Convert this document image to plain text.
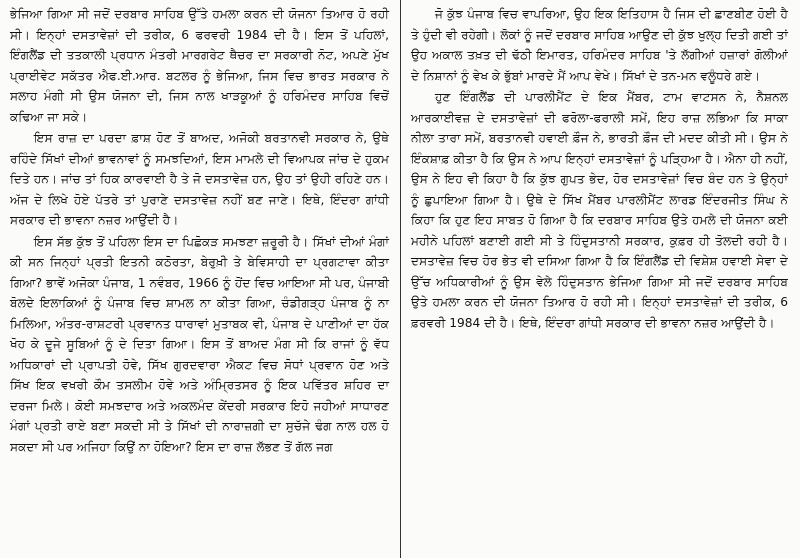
ਭੇਜਿਆ ਗਿਆ ਸੀ ਜਦੋਂ ਦਰਬਾਰ ਸਾਹਿਬ ਉੱਤੇ ਹਮਲਾ ਕਰਨ ਦੀ ਯੋਜਨਾ ਤਿਆਰ ਹੋ ਰਹੀ ਸੀ। ਇਨ੍ਹਾਂ ਦਸਤਾਵੇਜ਼ਾਂ ਦੀ ਤਰੀਕ, 6 ਫਰਵਰੀ 1984 ਦੀ ਹੈ। ਇਸ ਤੋਂ ਪਹਿਲਾਂ, ਇੰਗਲੈਂਡ ਦੀ ਤਤਕਾਲੀ ਪ੍ਰਧਾਨ ਮੰਤਰੀ ਮਾਰਗਰੇਟ ਥੈਚਰ ਦਾ ਸਰਕਾਰੀ ਨੋਟ, ਅਪਣੇ ਮੁੱਖ ਪ੍ਰਾਈਵੇਟ ਸਕੱਤਰ ਐਫ.ਈ.ਆਰ. ਬਟਲਰ ਨੂੰ ਭੇਜਿਆ, ਜਿਸ ਵਿਚ ਭਾਰਤ ਸਰਕਾਰ ਨੇ ਸਲਾਹ ਮੰਗੀ ਸੀ ਉਸ ਯੋਜਨਾ ਦੀ, ਜਿਸ ਨਾਲ ਖਾੜਕੂਆਂ ਨੂੰ ਹਰਿਮੰਦਰ ਸਾਹਿਬ ਵਿਚੋਂ ਕਢਿਆ ਜਾ ਸਕੇ।

ਇਸ ਰਾਜ਼ ਦਾ ਪਰਦਾ ਫ਼ਾਸ਼ ਹੋਣ ਤੋਂ ਬਾਅਦ, ਅਜੋਕੀ ਬਰਤਾਨਵੀ ਸਰਕਾਰ ਨੇ, ਉਥੇ ਰਹਿੰਦੇ ਸਿੱਖਾਂ ਦੀਆਂ ਭਾਵਨਾਵਾਂ ਨੂੰ ਸਮਝਦਿਆਂ, ਇਸ ਮਾਮਲੇ ਦੀ ਵਿਆਪਕ ਜਾਂਚ ਦੇ ਹੁਕਮ ਦਿਤੇ ਹਨ। ਜਾਂਚ ਤਾਂ ਹਿਕ ਕਾਰਵਾਈ ਹੈ ਤੇ ਜੋ ਦਸਤਾਵੇਜ਼ ਹਨ, ਉਹ ਤਾਂ ਉਹੀ ਰਹਿਣੇ ਹਨ। ਅੱਜ ਦੇ ਲਿਖੇ ਹੋਏ ਪੱਤਰੇ ਤਾਂ ਪੁਰਾਣੇ ਦਸਤਾਵੇਜ਼ ਨਹੀਂ ਬਣ ਜਾਣੇ। ਇਥੇ, ਇੰਦਰਾ ਗਾਂਧੀ ਸਰਕਾਰ ਦੀ ਭਾਵਨਾ ਨਜ਼ਰ ਆਉਂਦੀ ਹੈ।

ਇਸ ਸੱਭ ਕੁੱਝ ਤੋਂ ਪਹਿਲਾ ਇਸ ਦਾ ਪਿਛੋਕੜ ਸਮਝਣਾ ਜ਼ਰੂਰੀ ਹੈ। ਸਿੱਖਾਂ ਦੀਆਂ ਮੰਗਾਂ ਕੀ ਸਨ ਜਿਨ੍ਹਾਂ ਪ੍ਰਤੀ ਇਤਨੀ ਕਠੋਰਤਾ, ਬੇਰੁਖ਼ੀ ਤੇ ਬੇਵਿਸਾਹੀ ਦਾ ਪ੍ਰਗਟਾਵਾ ਕੀਤਾ ਗਿਆ? ਭਾਵੇਂ ਅਜੋਕਾ ਪੰਜਾਬ, 1 ਨਵੰਬਰ, 1966 ਨੂੰ ਹੋਂਦ ਵਿਚ ਆਇਆ ਸੀ ਪਰ, ਪੰਜਾਬੀ ਬੋਲਦੇ ਇਲਾਕਿਆਂ ਨੂੰ ਪੰਜਾਬ ਵਿਚ ਸ਼ਾਮਲ ਨਾ ਕੀਤਾ ਗਿਆ, ਚੰਡੀਗੜ੍ਹ ਪੰਜਾਬ ਨੂੰ ਨਾ ਮਿਲਿਆ, ਅੰਤਰ-ਰਾਸ਼ਟਰੀ ਪ੍ਰਵਾਨਤ ਧਾਰਾਵਾਂ ਮੁਤਾਬਕ ਵੀ, ਪੰਜਾਬ ਦੇ ਪਾਣੀਆਂ ਦਾ ਹੱਕ ਖੋਹ ਕੇ ਦੂਜੇ ਸੂਬਿਆਂ ਨੂੰ ਦੇ ਦਿਤਾ ਗਿਆ। ਇਸ ਤੋਂ ਬਾਅਦ ਮੰਗ ਸੀ ਕਿ ਰਾਜਾਂ ਨੂੰ ਵੱਧ ਅਧਿਕਾਰਾਂ ਦੀ ਪ੍ਰਾਪਤੀ ਹੋਵੇ, ਸਿੱਖ ਗੁਰਦਵਾਰਾ ਐਕਟ ਵਿਚ ਸੋਧਾਂ ਪ੍ਰਵਾਨ ਹੋਣ ਅਤੇ ਸਿੱਖ ਇਕ ਵਖਰੀ ਕੌਮ ਤਸਲੀਮ ਹੋਵੇ ਅਤੇ ਅੰਮ੍ਰਿਤਸਰ ਨੂੰ ਇਕ ਪਵਿੱਤਰ ਸ਼ਹਿਰ ਦਾ ਦਰਜਾ ਮਿਲੇ। ਕੋਈ ਸਮਝਦਾਰ ਅਤੇ ਅਕਲਮੰਦ ਕੇਂਦਰੀ ਸਰਕਾਰ ਇਹੋ ਜਹੀਆਂ ਸਾਧਾਰਣ ਮੰਗਾਂ ਪ੍ਰਤੀ ਰਾਏ ਬਣਾ ਸਕਦੀ ਸੀ ਤੇ ਸਿੱਖਾਂ ਦੀ ਨਾਰਾਜ਼ਗੀ ਦਾ ਸੁਚੱਜੇ ਢੰਗ ਨਾਲ ਹਲ ਹੋ ਸਕਦਾ ਸੀ ਪਰ ਅਜਿਹਾ ਕਿਉਂ ਨਾ ਹੋਇਆ? ਇਸ ਦਾ ਰਾਜ਼ ਲੱਭਣ ਤੋਂ ਗੱਲ ਜਗ

ਜੋ ਕੁੱਝ ਪੰਜਾਬ ਵਿਚ ਵਾਪਰਿਆ, ਉਹ ਇਕ ਇਤਿਹਾਸ ਹੈ ਜਿਸ ਦੀ ਛਾਣਬੀਣ ਹੋਈ ਹੈ ਤੇ ਹੁੰਦੀ ਵੀ ਰਹੇਗੀ। ਲੋਕਾਂ ਨੂੰ ਜਦੋਂ ਦਰਬਾਰ ਸਾਹਿਬ ਆਉਣ ਦੀ ਕੁੱਝ ਖੁਲ੍ਹ ਦਿਤੀ ਗਈ ਤਾਂ ਉਹ ਅਕਾਲ ਤਖ਼ਤ ਦੀ ਢੱਠੀ ਇਮਾਰਤ, ਹਰਿਮੰਦਰ ਸਾਹਿਬ 'ਤੇ ਲੱਗੀਆਂ ਹਜ਼ਾਰਾਂ ਗੋਲੀਆਂ ਦੇ ਨਿਸ਼ਾਨਾਂ ਨੂੰ ਵੇਖ ਕੇ ਭੁੱਬਾਂ ਮਾਰਦੇ ਮੈਂ ਆਪ ਵੇਖੇ। ਸਿੱਖਾਂ ਦੇ ਤਨ-ਮਨ ਵਲੂੰਧਰੇ ਗਏ।

ਹੁਣ ਇੰਗਲੈਂਡ ਦੀ ਪਾਰਲੀਮੈਂਟ ਦੇ ਇਕ ਮੈਂਬਰ, ਟਾਮ ਵਾਟਸਨ ਨੇ, ਨੈਸ਼ਨਲ ਆਰਕਾਈਵਜ਼ ਦੇ ਦਸਤਾਵੇਜ਼ਾਂ ਦੀ ਫਰੋਲਾ-ਫਰਾਲੀ ਸਮੇਂ, ਇਹ ਰਾਜ਼ ਲਭਿਆ ਕਿ ਸਾਕਾ ਨੀਲਾ ਤਾਰਾ ਸਮੇਂ, ਬਰਤਾਨਵੀ ਹਵਾਈ ਫ਼ੌਜ ਨੇ, ਭਾਰਤੀ ਫ਼ੌਜ ਦੀ ਮਦਦ ਕੀਤੀ ਸੀ। ਉਸ ਨੇ ਇੰਕਸ਼ਾਫ਼ ਕੀਤਾ ਹੈ ਕਿ ਉਸ ਨੇ ਆਪ ਇਨ੍ਹਾਂ ਦਸਤਾਵੇਜ਼ਾਂ ਨੂੰ ਪੜ੍ਹਿਆ ਹੈ। ਐਨਾ ਹੀ ਨਹੀਂ, ਉਸ ਨੇ ਇਹ ਵੀ ਕਿਹਾ ਹੈ ਕਿ ਕੁੱਝ ਗੁਪਤ ਭੇਦ, ਹੋਰ ਦਸਤਾਵੇਜ਼ਾਂ ਵਿਚ ਬੰਦ ਹਨ ਤੇ ਉਨ੍ਹਾਂ ਨੂੰ ਛੁਪਾਇਆ ਗਿਆ ਹੈ। ਉਥੇ ਦੇ ਸਿੱਖ ਮੈਂਬਰ ਪਾਰਲੀਮੈਂਟ ਲਾਰਡ ਇੰਦਰਜੀਤ ਸਿੰਘ ਨੇ ਕਿਹਾ ਕਿ ਹੁਣ ਇਹ ਸਾਬਤ ਹੋ ਗਿਆ ਹੈ ਕਿ ਦਰਬਾਰ ਸਾਹਿਬ ਉਤੇ ਹਮਲੇ ਦੀ ਯੋਜਨਾ ਕਈ ਮਹੀਨੇ ਪਹਿਲਾਂ ਬਣਾਈ ਗਈ ਸੀ ਤੇ ਹਿੰਦੁਸਤਾਨੀ ਸਰਕਾਰ, ਕੁਫ਼ਰ ਹੀ ਤੋਲਦੀ ਰਹੀ ਹੈ। ਦਸਤਾਵੇਜ਼ ਵਿਚ ਹੋਰ ਭੇਤ ਵੀ ਦਸਿਆ ਗਿਆ ਹੈ ਕਿ ਇੰਗਲੈਂਡ ਦੀ ਵਿਸ਼ੇਸ਼ ਹਵਾਈ ਸੇਵਾ ਦੇ ਉੱਚ ਅਧਿਕਾਰੀਆਂ ਨੂੰ ਉਸ ਵੇਲੇ ਹਿੰਦੁਸਤਾਨ ਭੇਜਿਆ ਗਿਆ ਸੀ ਜਦੋਂ ਦਰਬਾਰ ਸਾਹਿਬ ਉਤੇ ਹਮਲਾ ਕਰਨ ਦੀ ਯੋਜਨਾ ਤਿਆਰ ਹੋ ਰਹੀ ਸੀ। ਇਨ੍ਹਾਂ ਦਸਤਾਵੇਜ਼ਾਂ ਦੀ ਤਰੀਕ, 6 ਫ਼ਰਵਰੀ 1984 ਦੀ ਹੈ। ਇਥੇ, ਇੰਦਰਾ ਗਾਂਧੀ ਸਰਕਾਰ ਦੀ ਭਾਵਨਾ ਨਜ਼ਰ ਆਉਂਦੀ ਹੈ।
